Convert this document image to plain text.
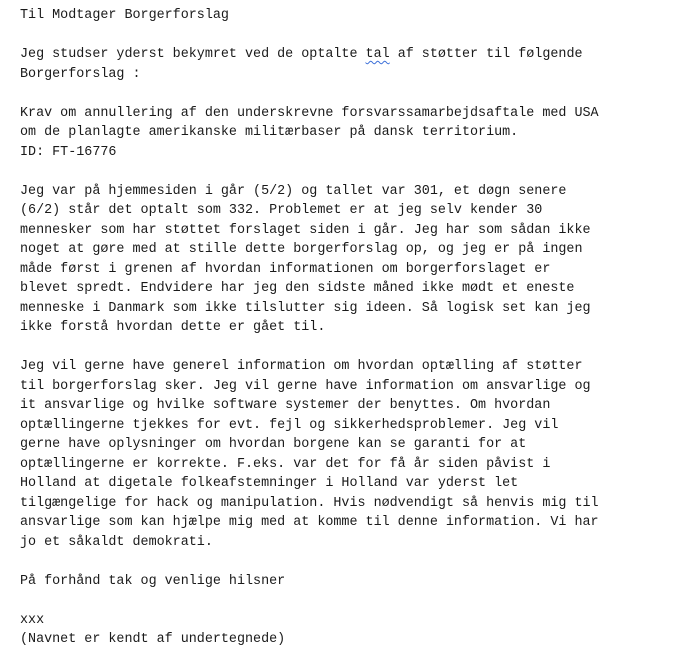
Til Modtager Borgerforslag
Jeg studser yderst bekymret ved de optalte tal af støtter til følgende
Borgerforslag :
Krav om annullering af den underskrevne forsvarssamarbejdsaftale med USA
om de planlagte amerikanske militærbaser på dansk territorium.
ID: FT-16776
Jeg var på hjemmesiden i går (5/2) og tallet var 301, et døgn senere
(6/2) står det optalt som 332. Problemet er at jeg selv kender 30
mennesker som har støttet forslaget siden i går. Jeg har som sådan ikke
noget at gøre med at stille dette borgerforslag op, og jeg er på ingen
måde først i grenen af hvordan informationen om borgerforslaget er
blevet spredt. Endvidere har jeg den sidste måned ikke mødt et eneste
menneske i Danmark som ikke tilslutter sig ideen. Så logisk set kan jeg
ikke forstå hvordan dette er gået til.
Jeg vil gerne have generel information om hvordan optælling af støtter
til borgerforslag sker. Jeg vil gerne have information om ansvarlige og
it ansvarlige og hvilke software systemer der benyttes. Om hvordan
optællingerne tjekkes for evt. fejl og sikkerhedsproblemer. Jeg vil
gerne have oplysninger om hvordan borgene kan se garanti for at
optællingerne er korrekte. F.eks. var det for få år siden påvist i
Holland at digetale folkeafstemninger i Holland var yderst let
tilgængelige for hack og manipulation. Hvis nødvendigt så henvis mig til
ansvarlige som kan hjælpe mig med at komme til denne information. Vi har
jo et såkaldt demokrati.
På forhånd tak og venlige hilsner
xxx
(Navnet er kendt af undertegnede)
